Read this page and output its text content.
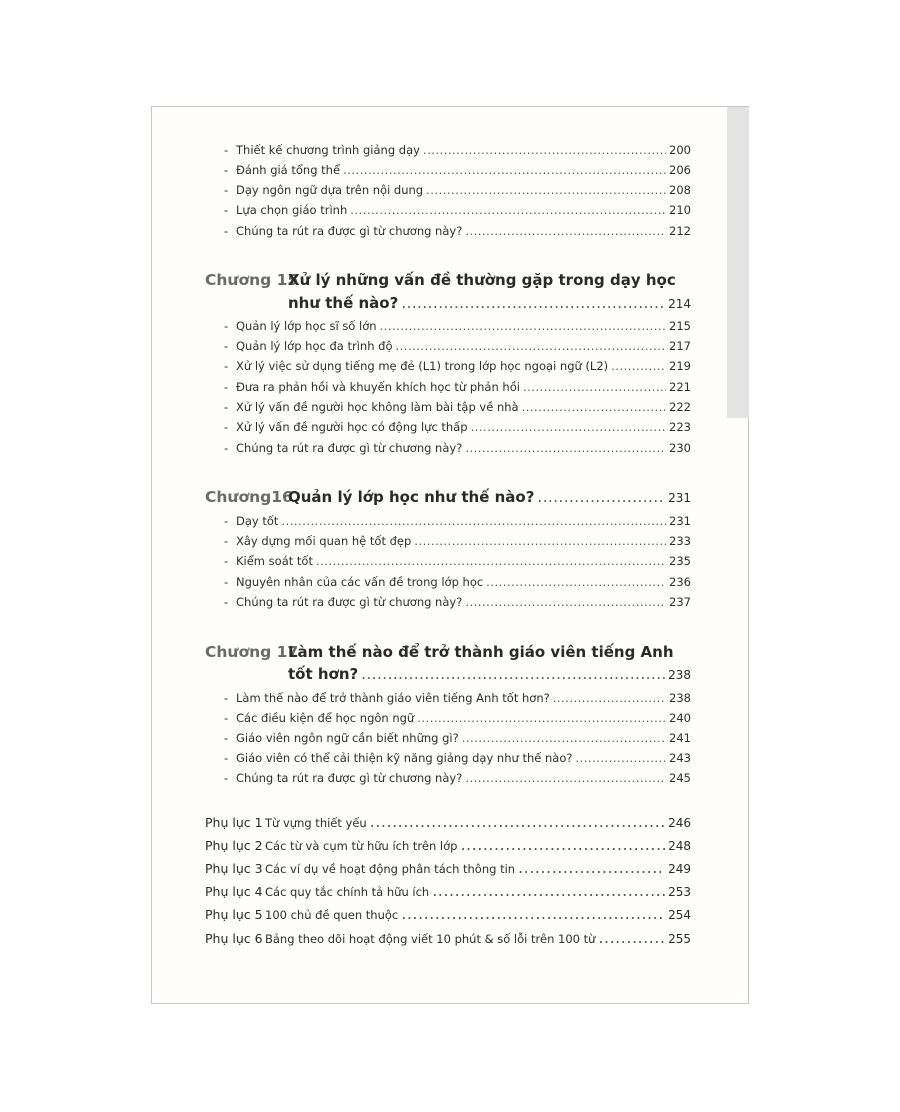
- Thiết kế chương trình giảng dạy .....	200
- Đánh giá tổng thể .....	206
- Dạy ngôn ngữ dựa trên nội dung .....	208
- Lựa chọn giáo trình .....	210
- Chúng ta rút ra được gì từ chương này? .....	212
Chương 15
Xử lý những vấn đề thường gặp trong dạy học
như thế nào? .....	214
- Quản lý lớp học sĩ số lớn .....	215
- Quản lý lớp học đa trình độ .....	217
- Xử lý việc sử dụng tiếng mẹ đẻ (L1) trong lớp học ngoại ngữ (L2) .....	219
- Đưa ra phản hồi và khuyến khích học từ phản hồi .....	221
- Xử lý vấn đề người học không làm bài tập về nhà .....	222
- Xử lý vấn đề người học có động lực thấp .....	223
- Chúng ta rút ra được gì từ chương này? .....	230
Chương16
Quản lý lớp học như thế nào? .....	231
- Dạy tốt .....	231
- Xây dựng mối quan hệ tốt đẹp .....	233
- Kiểm soát tốt .....	235
- Nguyên nhân của các vấn đề trong lớp học .....	236
- Chúng ta rút ra được gì từ chương này? .....	237
Chương 17
Làm thế nào để trở thành giáo viên tiếng Anh
tốt hơn? .....	238
- Làm thế nào để trở thành giáo viên tiếng Anh tốt hơn? .....	238
- Các điều kiện để học ngôn ngữ .....	240
- Giáo viên ngôn ngữ cần biết những gì? .....	241
- Giáo viên có thể cải thiện kỹ năng giảng dạy như thế nào? .....	243
- Chúng ta rút ra được gì từ chương này? .....	245
Phụ lục 1 Từ vựng thiết yếu .....	246
Phụ lục 2 Các từ và cụm từ hữu ích trên lớp .....	248
Phụ lục 3 Các ví dụ về hoạt động phân tách thông tin .....	249
Phụ lục 4 Các quy tắc chính tả hữu ích .....	253
Phụ lục 5 100 chủ đề quen thuộc .....	254
Phụ lục 6 Bảng theo dõi hoạt động viết 10 phút & số lỗi trên 100 từ .....	255
